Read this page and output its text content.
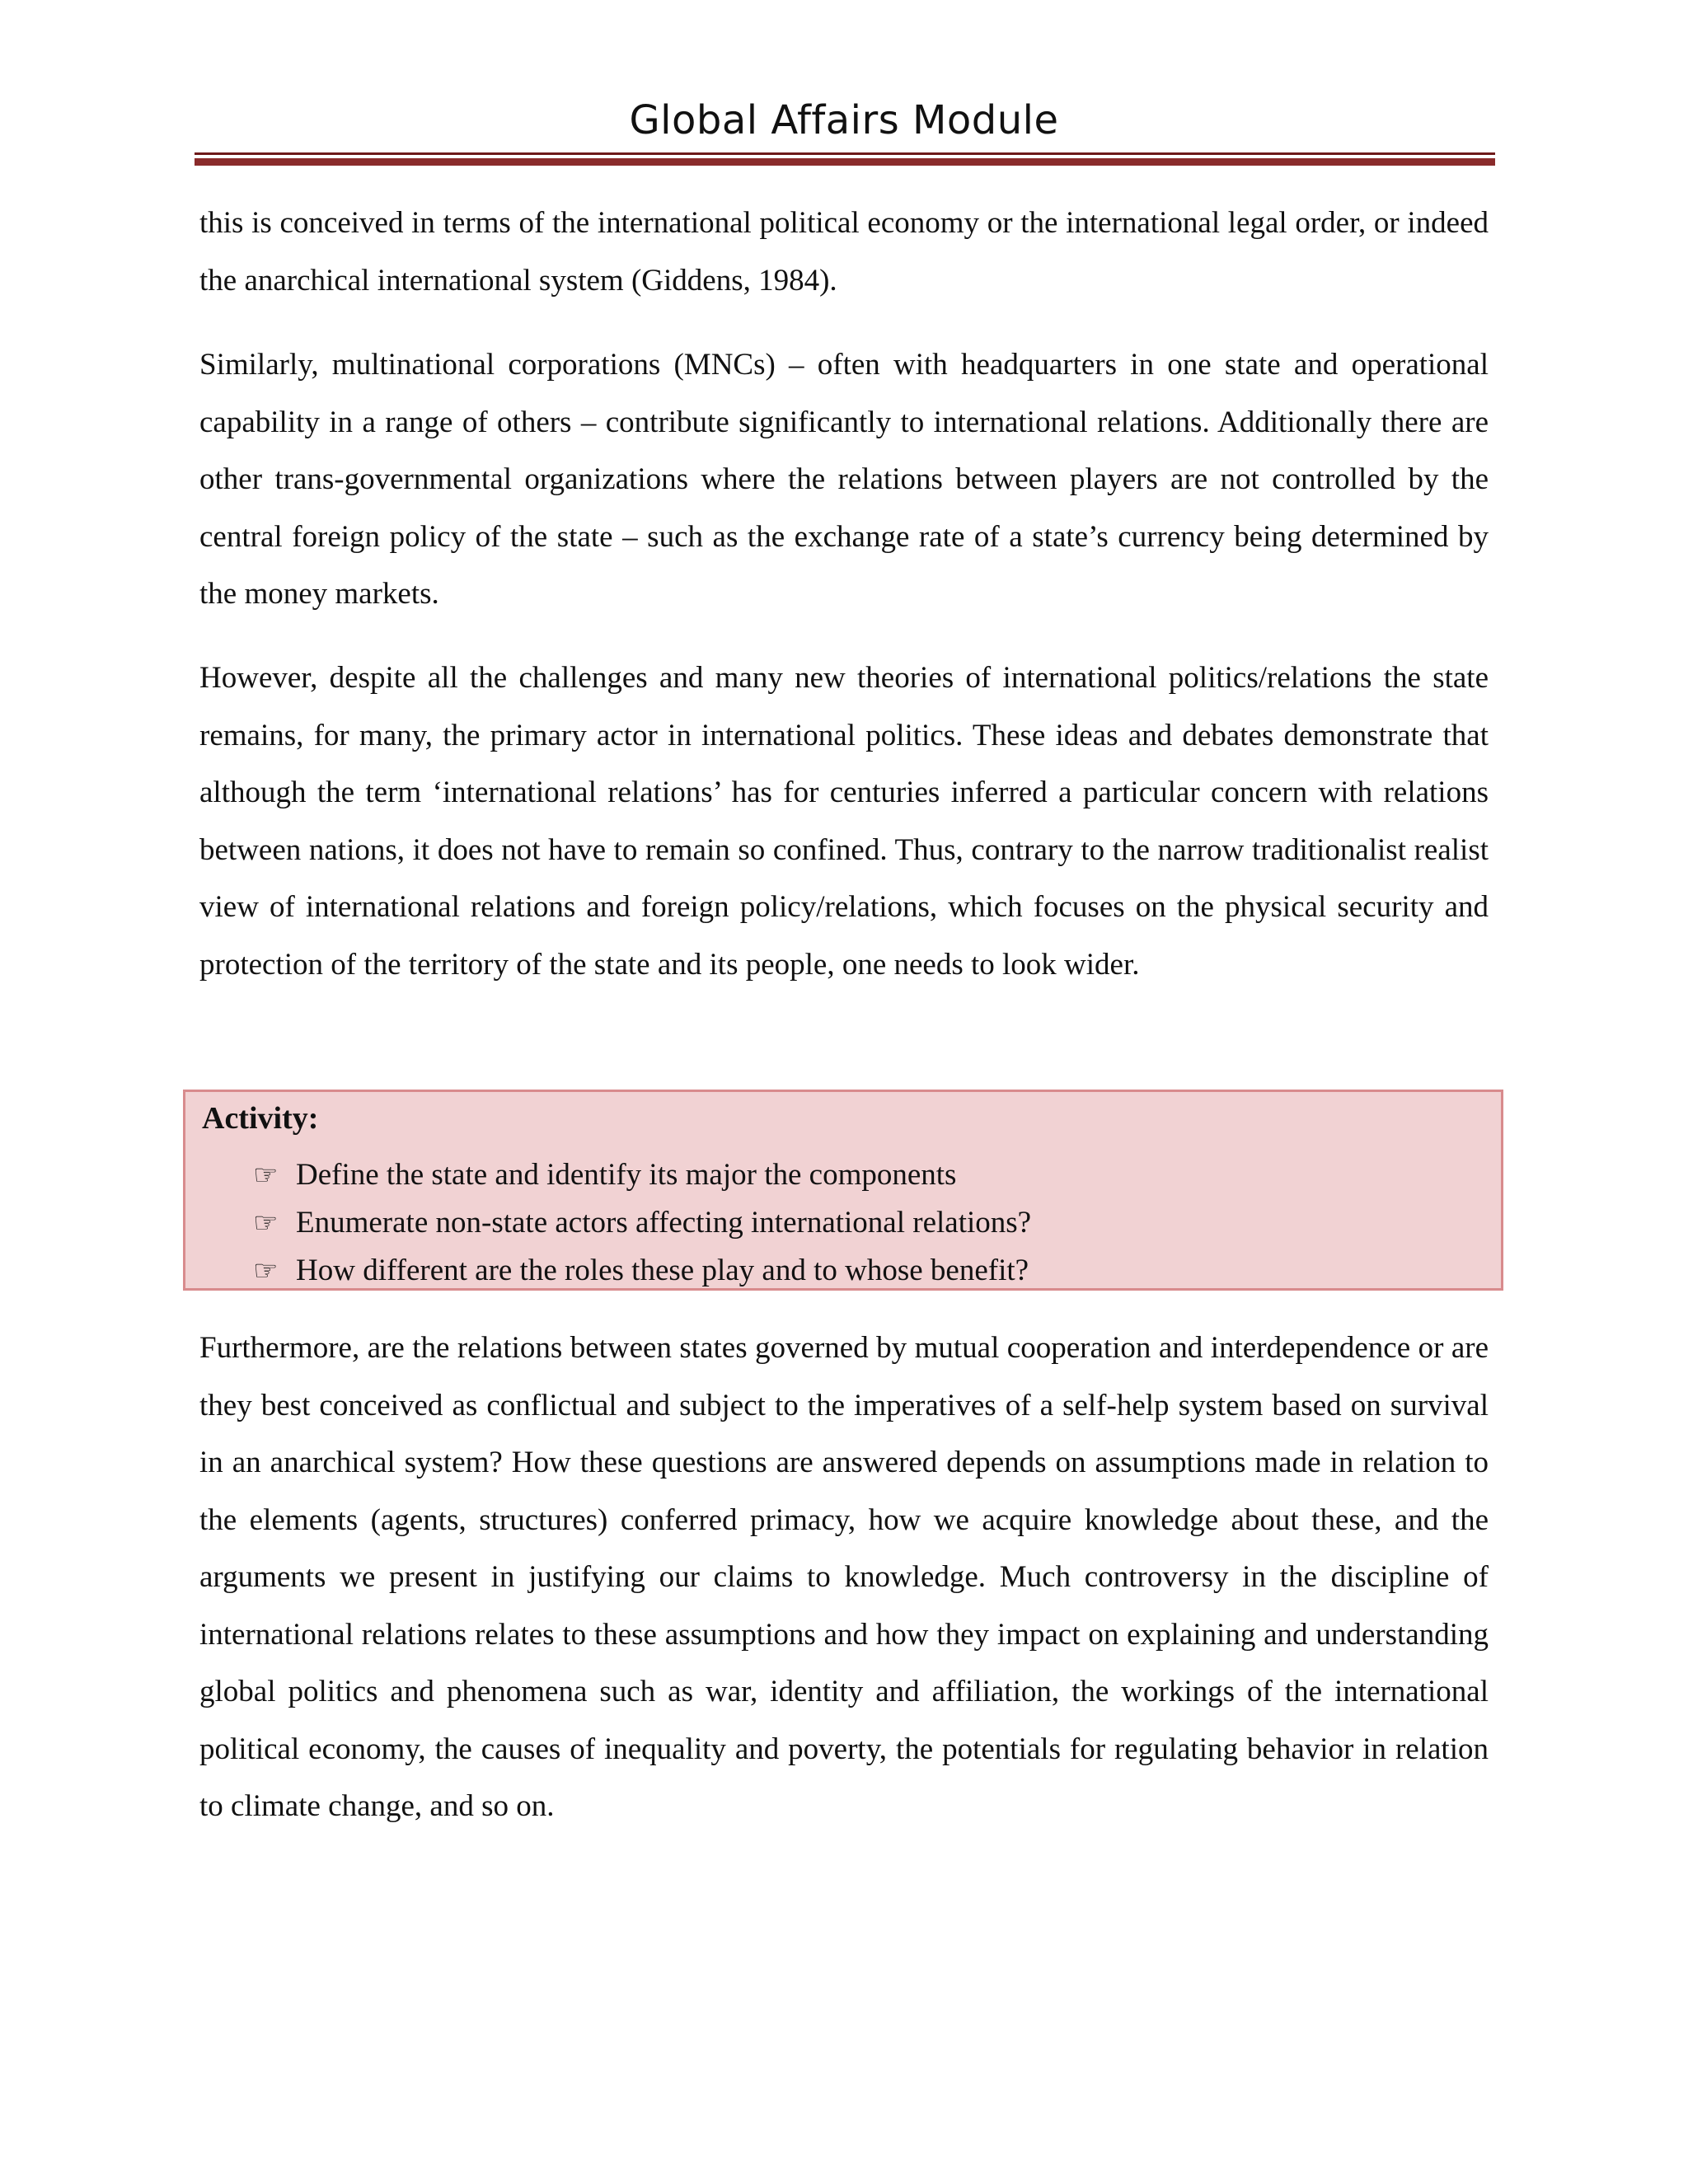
Global Affairs Module

this is conceived in terms of the international political economy or the international legal order, or indeed the anarchical international system (Giddens, 1984).

Similarly, multinational corporations (MNCs) – often with headquarters in one state and operational capability in a range of others – contribute significantly to international relations. Additionally there are other trans-governmental organizations where the relations between players are not controlled by the central foreign policy of the state – such as the exchange rate of a state’s currency being determined by the money markets.

However, despite all the challenges and many new theories of international politics/relations the state remains, for many, the primary actor in international politics. These ideas and debates demonstrate that although the term ‘international relations’ has for centuries inferred a particular concern with relations between nations, it does not have to remain so confined. Thus, contrary to the narrow traditionalist realist view of international relations and foreign policy/relations, which focuses on the physical security and protection of the territory of the state and its people, one needs to look wider.

Activity:
☞ Define the state and identify its major the components
☞ Enumerate non-state actors affecting international relations?
☞ How different are the roles these play and to whose benefit?

Furthermore, are the relations between states governed by mutual cooperation and interdependence or are they best conceived as conflictual and subject to the imperatives of a self-help system based on survival in an anarchical system? How these questions are answered depends on assumptions made in relation to the elements (agents, structures) conferred primacy, how we acquire knowledge about these, and the arguments we present in justifying our claims to knowledge. Much controversy in the discipline of international relations relates to these assumptions and how they impact on explaining and understanding global politics and phenomena such as war, identity and affiliation, the workings of the international political economy, the causes of inequality and poverty, the potentials for regulating behavior in relation to climate change, and so on.
